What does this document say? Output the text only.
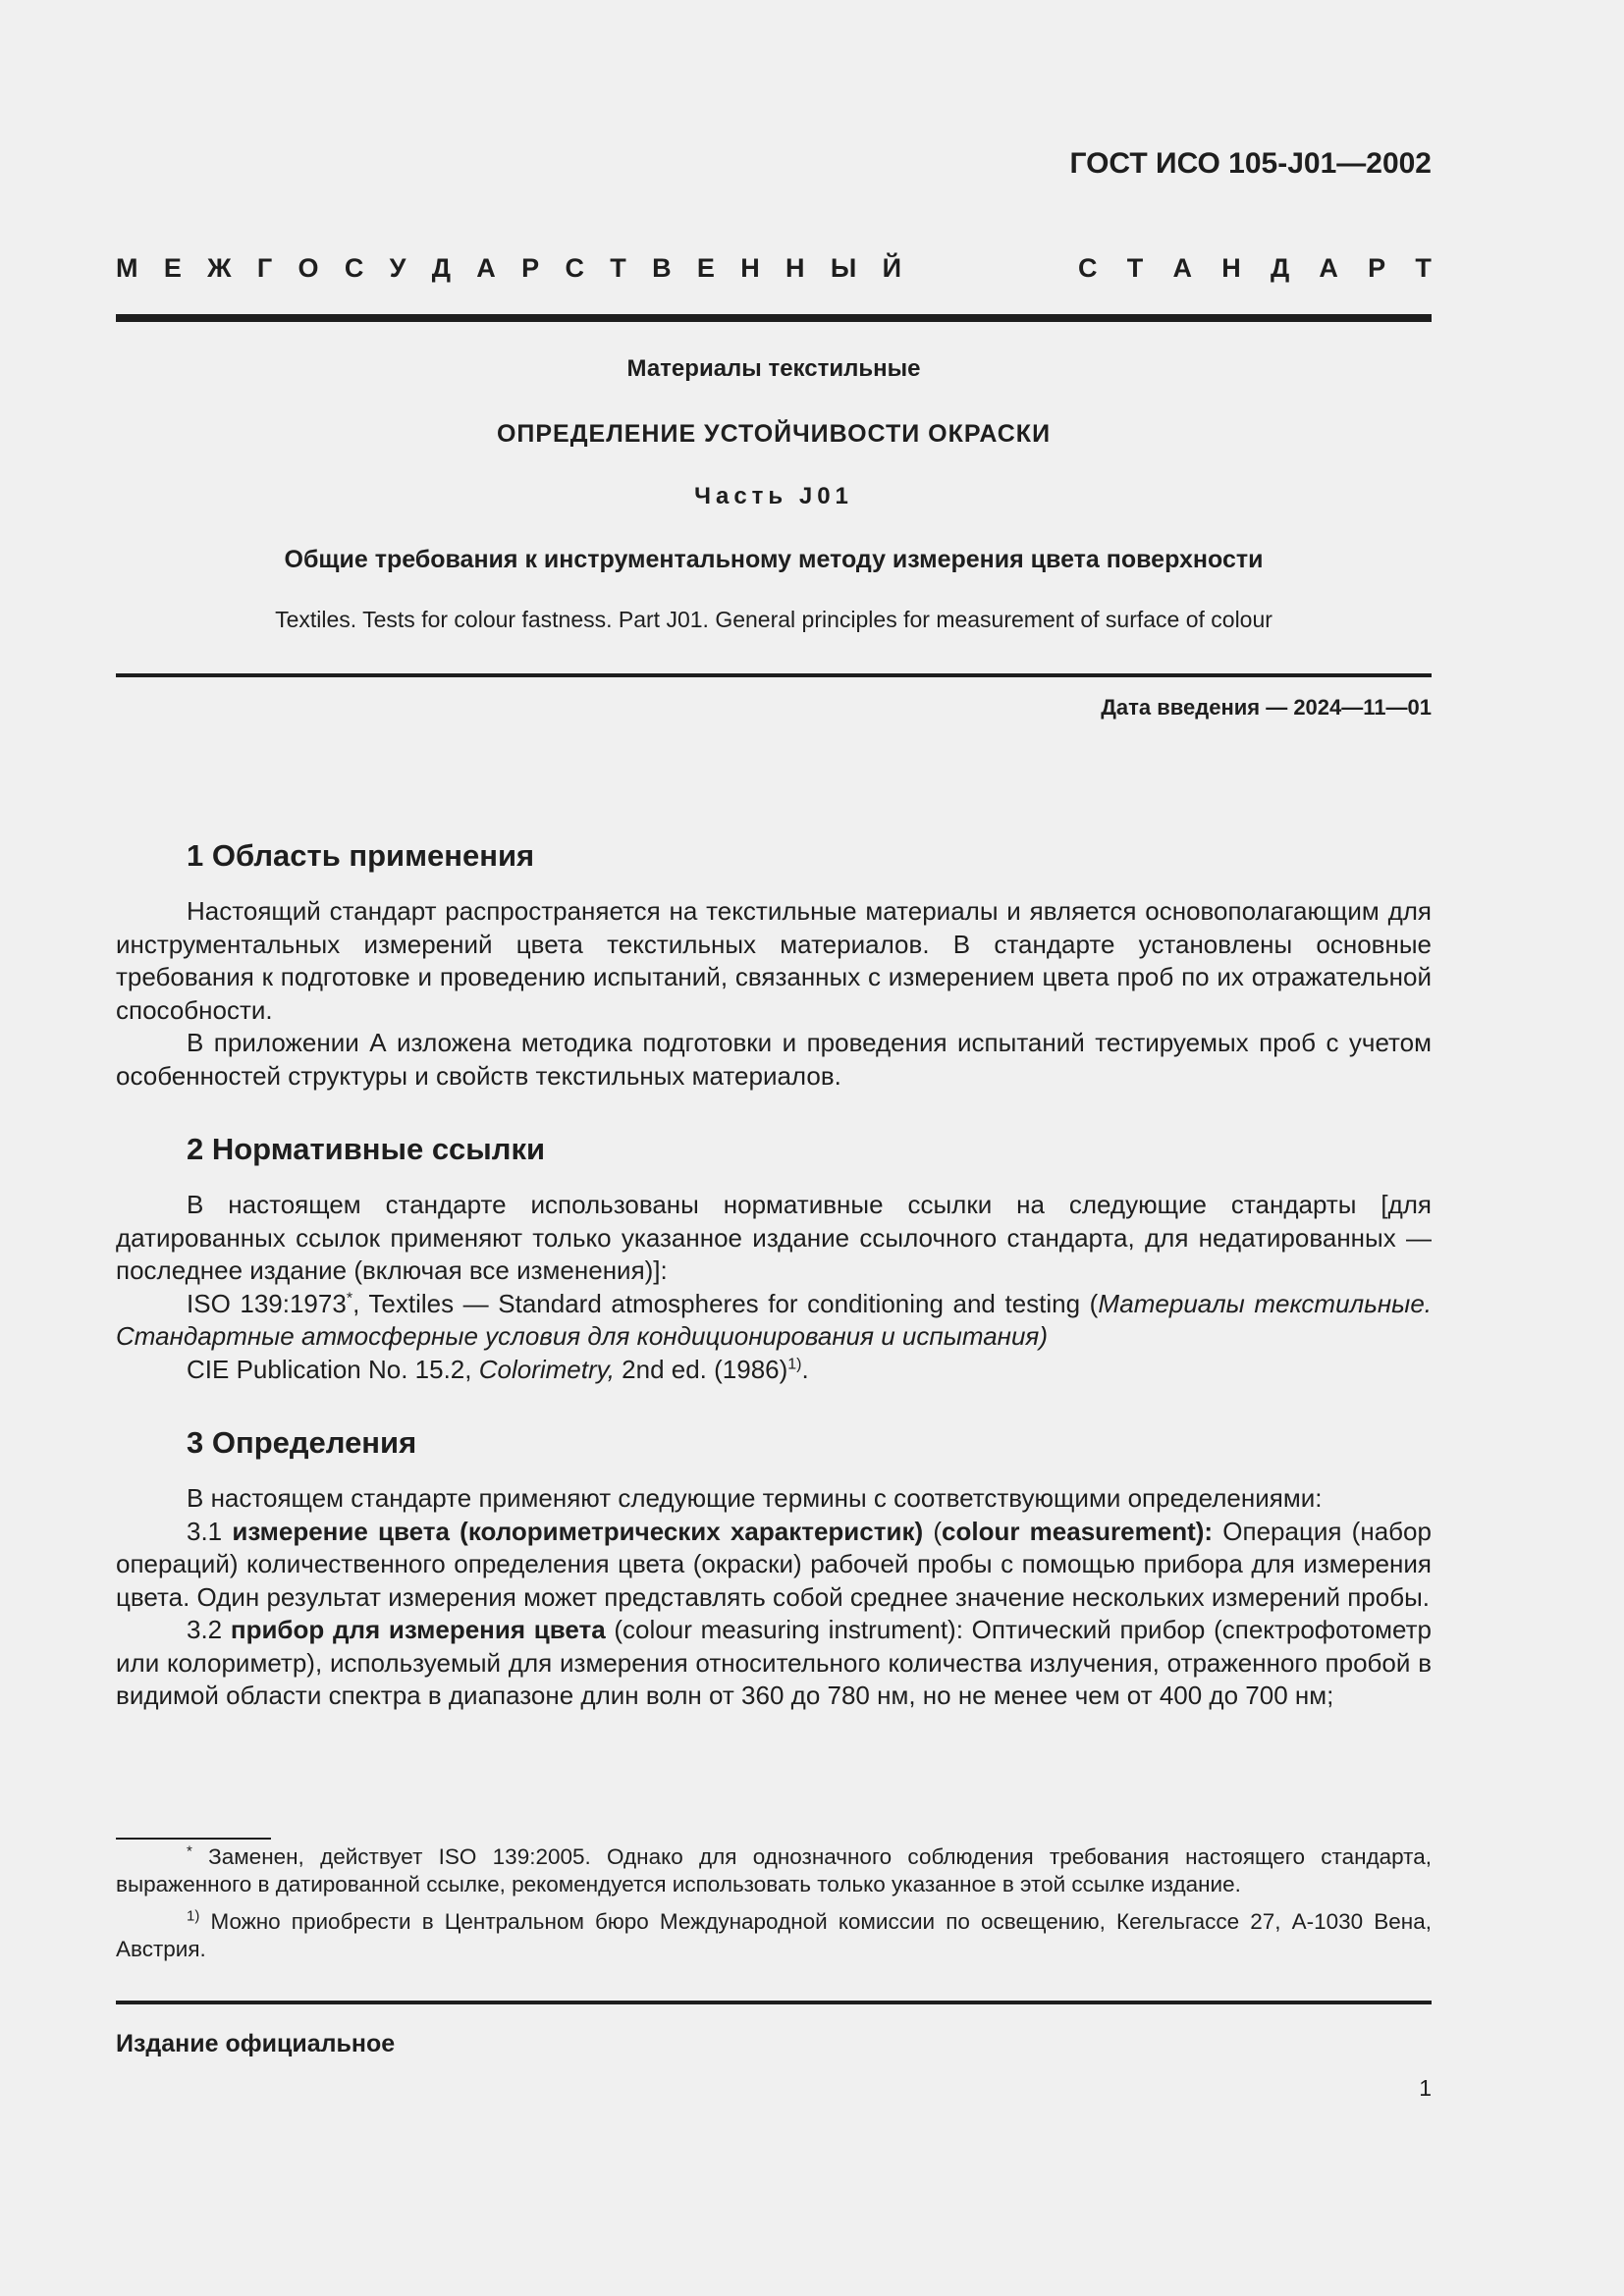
ГОСТ ИСО 105-J01—2002
М Е Ж Г О С У Д А Р С Т В Е Н Н Ы Й	С Т А Н Д А Р Т
Материалы текстильные
ОПРЕДЕЛЕНИЕ УСТОЙЧИВОСТИ ОКРАСКИ
Часть J01
Общие требования к инструментальному методу измерения цвета поверхности
Textiles. Tests for colour fastness. Part J01. General principles for measurement of surface of colour
Дата введения — 2024—11—01
1 Область применения

Настоящий стандарт распространяется на текстильные материалы и является основополагающим для инструментальных измерений цвета текстильных материалов. В стандарте установлены основные требования к подготовке и проведению испытаний, связанных с измерением цвета проб по их отражательной способности.

В приложении А изложена методика подготовки и проведения испытаний тестируемых проб с учетом особенностей структуры и свойств текстильных материалов.

2 Нормативные ссылки

В настоящем стандарте использованы нормативные ссылки на следующие стандарты [для датированных ссылок применяют только указанное издание ссылочного стандарта, для недатированных — последнее издание (включая все изменения)]:

ISO 139:1973*, Textiles — Standard atmospheres for conditioning and testing (Материалы текстильные. Стандартные атмосферные условия для кондиционирования и испытания)

CIE Publication No. 15.2, Colorimetry, 2nd ed. $(1986)^{1)}$.

3 Определения

В настоящем стандарте применяют следующие термины с соответствующими определениями:

3.1 измерение цвета (колориметрических характеристик) (colour measurement): Операция (набор операций) количественного определения цвета (окраски) рабочей пробы с помощью прибора для измерения цвета. Один результат измерения может представлять собой среднее значение нескольких измерений пробы.

3.2 прибор для измерения цвета (colour measuring instrument): Оптический прибор (спектрофотометр или колориметр), используемый для измерения относительного количества излучения, отраженного пробой в видимой области спектра в диапазоне длин волн от 360 до 780 нм, но не менее чем от 400 до 700 нм;

* Заменен, действует ISO 139:2005. Однако для однозначного соблюдения требования настоящего стандарта, выраженного в датированной ссылке, рекомендуется использовать только указанное в этой ссылке издание.

$^{1)}$ Можно приобрести в Центральном бюро Международной комиссии по освещению, Кегельгассе 27, А-1030 Вена, Австрия.

Издание официальное
1
